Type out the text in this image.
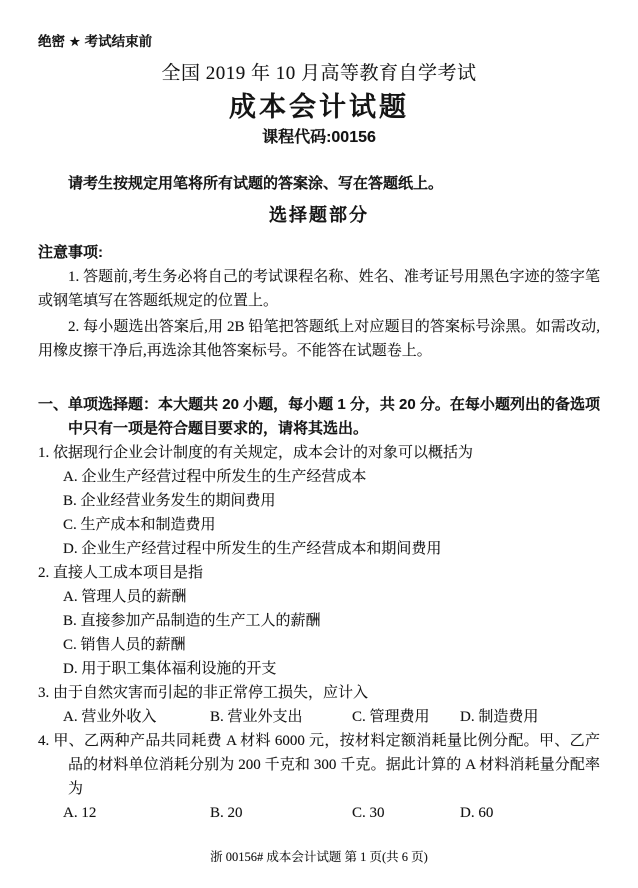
绝密 ★ 考试结束前
全国 2019 年 10 月高等教育自学考试
成本会计试题
课程代码:00156

请考生按规定用笔将所有试题的答案涂、写在答题纸上。

选择题部分
注意事项:

1. 答题前,考生务必将自己的考试课程名称、姓名、准考证号用黑色字迹的签字笔或钢笔填写在答题纸规定的位置上。

2. 每小题选出答案后,用 2B 铅笔把答题纸上对应题目的答案标号涂黑。如需改动,用橡皮擦干净后,再选涂其他答案标号。不能答在试题卷上。

一、单项选择题：本大题共 20 小题，每小题 1 分，共 20 分。在每小题列出的备选项中只有一项是符合题目要求的，请将其选出。

1. 依据现行企业会计制度的有关规定，成本会计的对象可以概括为

A. 企业生产经营过程中所发生的生产经营成本
B. 企业经营业务发生的期间费用
C. 生产成本和制造费用
D. 企业生产经营过程中所发生的生产经营成本和期间费用

2. 直接人工成本项目是指

A. 管理人员的薪酬
B. 直接参加产品制造的生产工人的薪酬
C. 销售人员的薪酬
D. 用于职工集体福利设施的开支

3. 由于自然灾害而引起的非正常停工损失，应计入

A. 营业外收入	B. 营业外支出	C. 管理费用	D. 制造费用

4. 甲、乙两种产品共同耗费 A 材料 6000 元，按材料定额消耗量比例分配。甲、乙产品的材料单位消耗分别为 200 千克和 300 千克。据此计算的 A 材料消耗量分配率为

A. 12	B. 20	C. 30	D. 60
浙 00156# 成本会计试题 第 1 页(共 6 页)
